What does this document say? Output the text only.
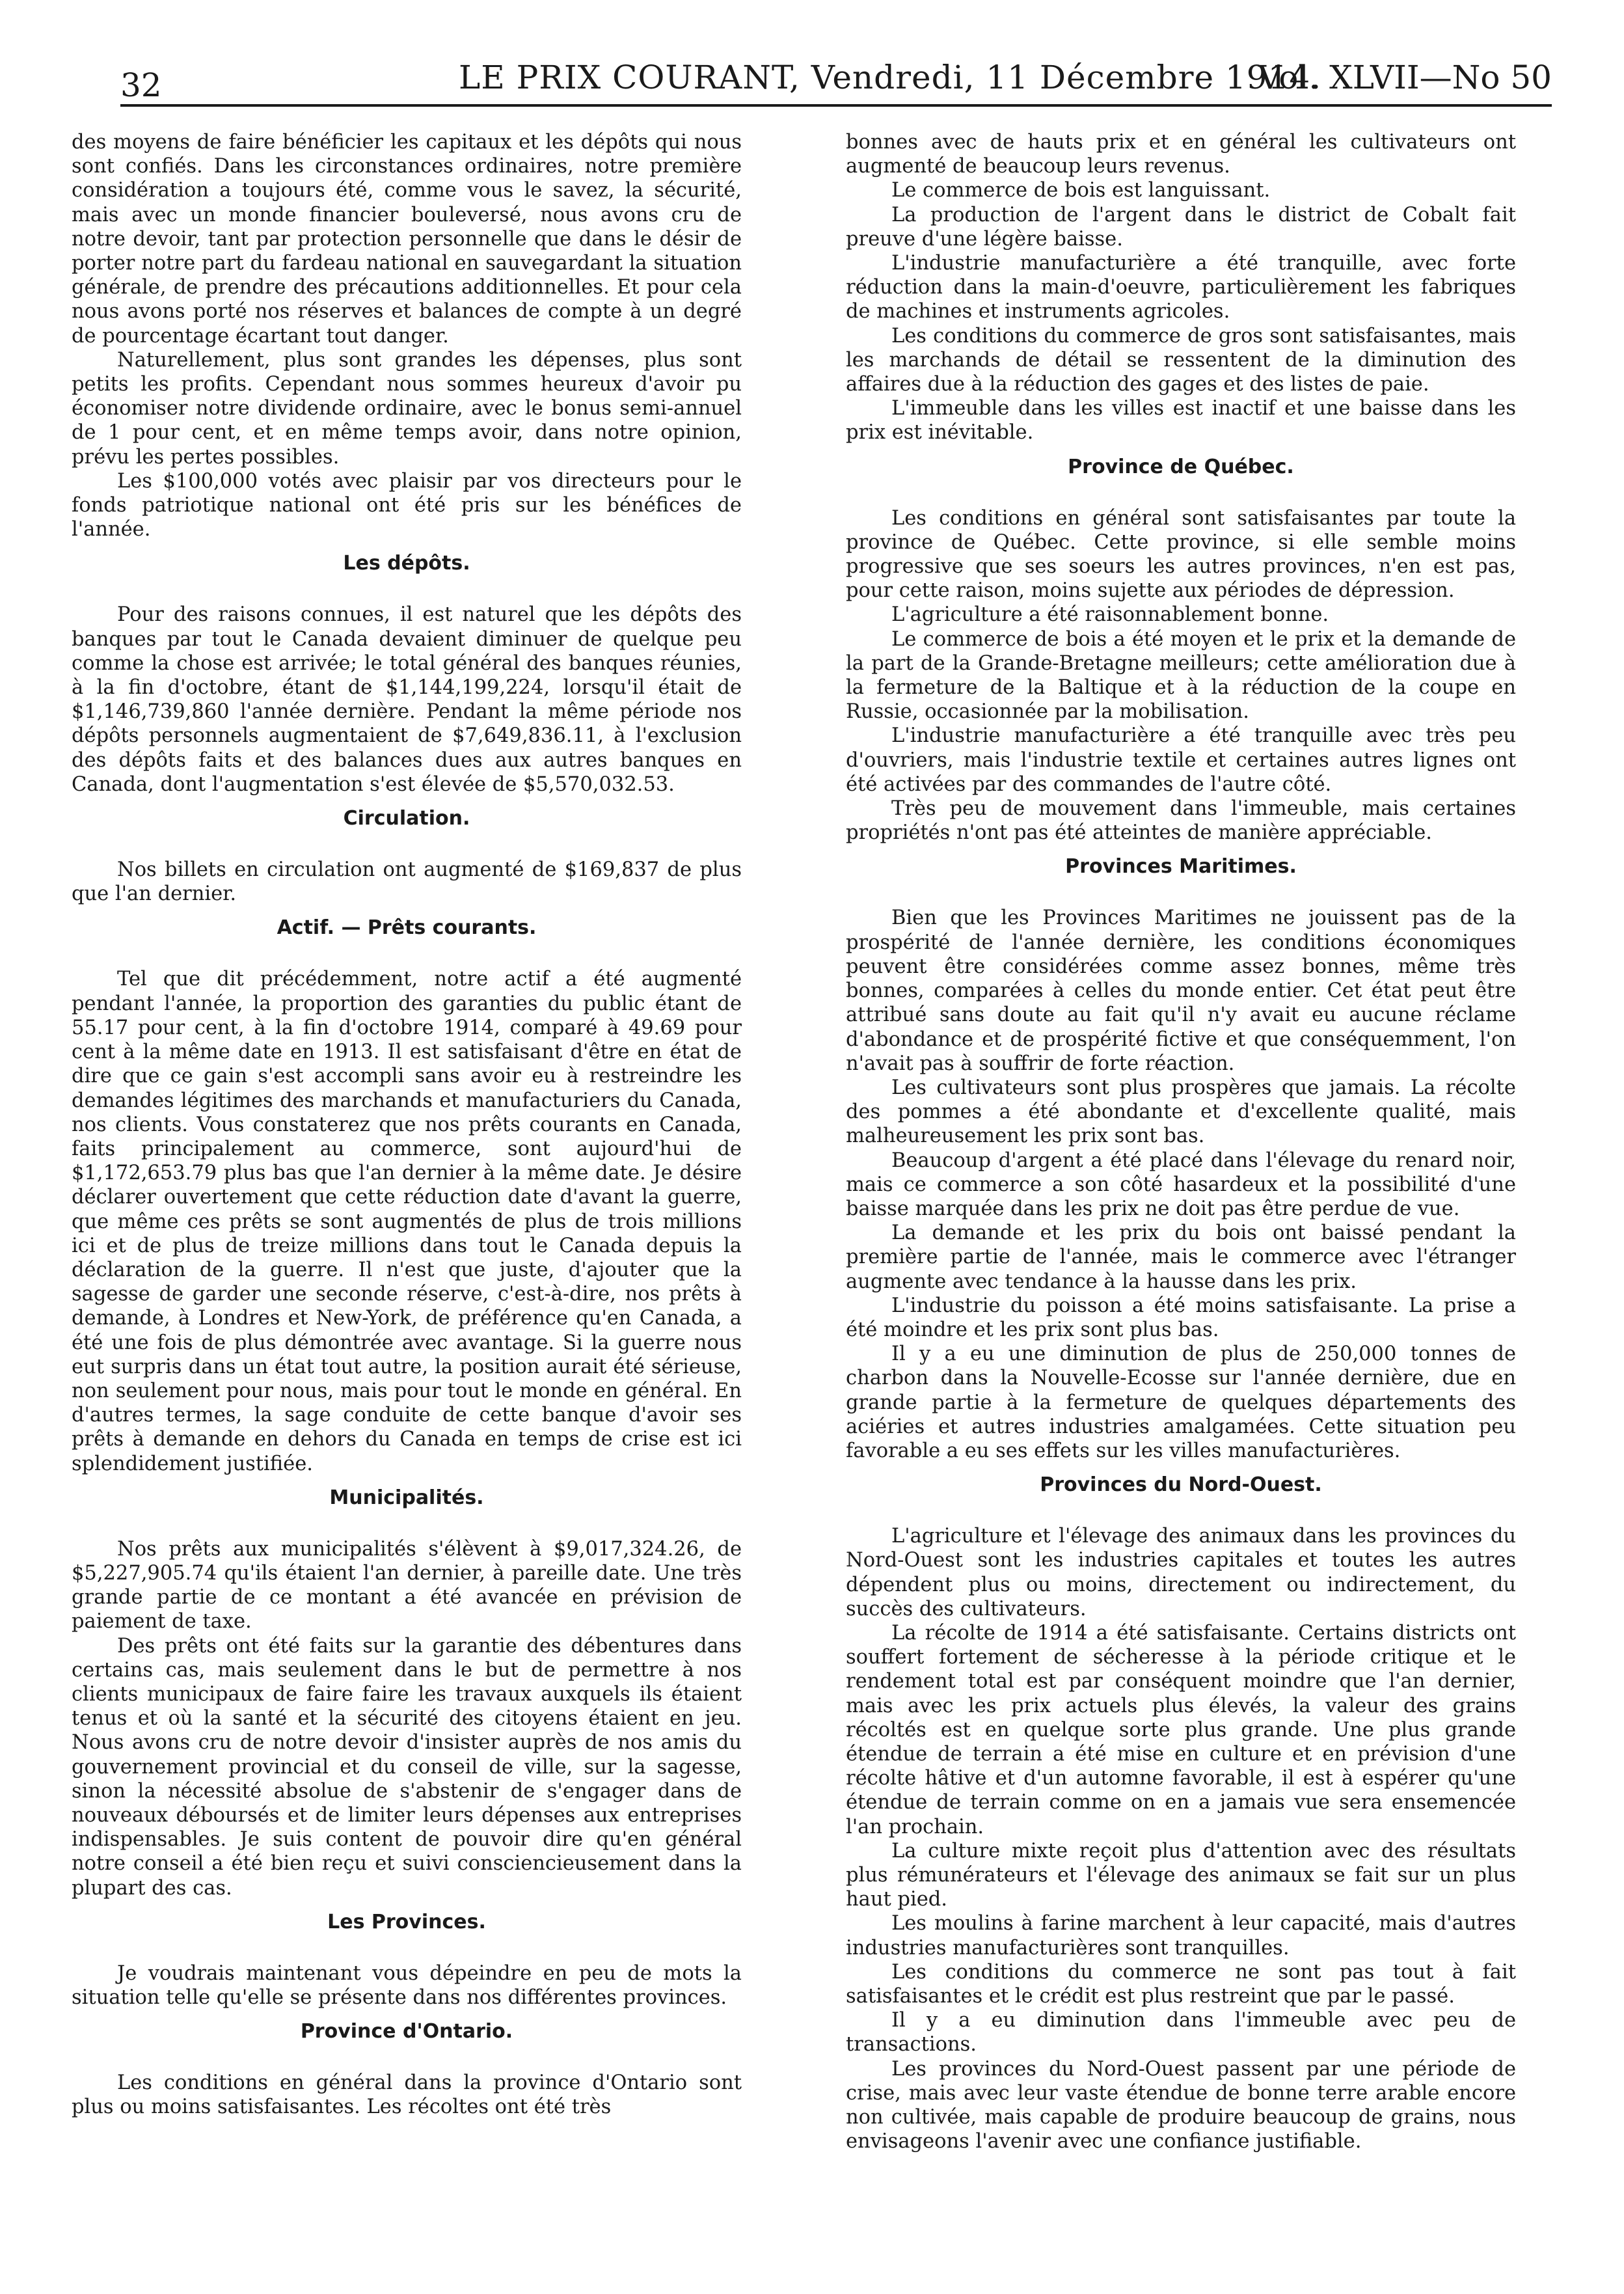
32	LE PRIX COURANT, Vendredi, 11 Décembre 1914.
Vol. XLVII—No 50

des moyens de faire bénéficier les capitaux et les dépôts qui nous sont confiés. Dans les circonstances ordinaires, notre première considération a toujours été, comme vous le savez, la sécurité, mais avec un monde financier bouleversé, nous avons cru de notre devoir, tant par protection personnelle que dans le désir de porter notre part du fardeau national en sauvegardant la situation générale, de prendre des précautions additionnelles. Et pour cela nous avons porté nos réserves et balances de compte à un degré de pourcentage écartant tout danger.

Naturellement, plus sont grandes les dépenses, plus sont petits les profits. Cependant nous sommes heureux d'avoir pu économiser notre dividende ordinaire, avec le bonus semi-annuel de 1 pour cent, et en même temps avoir, dans notre opinion, prévu les pertes possibles.

Les $100,000 votés avec plaisir par vos directeurs pour le fonds patriotique national ont été pris sur les bénéfices de l'année.

Les dépôts.

Pour des raisons connues, il est naturel que les dépôts des banques par tout le Canada devaient diminuer de quelque peu comme la chose est arrivée; le total général des banques réunies, à la fin d'octobre, étant de $1,144,199,224, lorsqu'il était de $1,146,739,860 l'année dernière. Pendant la même période nos dépôts personnels augmentaient de $7,649,836.11, à l'exclusion des dépôts faits et des balances dues aux autres banques en Canada, dont l'augmentation s'est élevée de $5,570,032.53.

Circulation.

Nos billets en circulation ont augmenté de $169,837 de plus que l'an dernier.

Actif. — Prêts courants.

Tel que dit précédemment, notre actif a été augmenté pendant l'année, la proportion des garanties du public étant de 55.17 pour cent, à la fin d'octobre 1914, comparé à 49.69 pour cent à la même date en 1913. Il est satisfaisant d'être en état de dire que ce gain s'est accompli sans avoir eu à restreindre les demandes légitimes des marchands et manufacturiers du Canada, nos clients. Vous constaterez que nos prêts courants en Canada, faits principalement au commerce, sont aujourd'hui de $1,172,653.79 plus bas que l'an dernier à la même date. Je désire déclarer ouvertement que cette réduction date d'avant la guerre, que même ces prêts se sont augmentés de plus de trois millions ici et de plus de treize millions dans tout le Canada depuis la déclaration de la guerre. Il n'est que juste, d'ajouter que la sagesse de garder une seconde réserve, c'est-à-dire, nos prêts à demande, à Londres et New-York, de préférence qu'en Canada, a été une fois de plus démontrée avec avantage. Si la guerre nous eut surpris dans un état tout autre, la position aurait été sérieuse, non seulement pour nous, mais pour tout le monde en général. En d'autres termes, la sage conduite de cette banque d'avoir ses prêts à demande en dehors du Canada en temps de crise est ici splendidement justifiée.

Municipalités.

Nos prêts aux municipalités s'élèvent à $9,017,324.26, de $5,227,905.74 qu'ils étaient l'an dernier, à pareille date. Une très grande partie de ce montant a été avancée en prévision de paiement de taxe.

Des prêts ont été faits sur la garantie des débentures dans certains cas, mais seulement dans le but de permettre à nos clients municipaux de faire faire les travaux auxquels ils étaient tenus et où la santé et la sécurité des citoyens étaient en jeu. Nous avons cru de notre devoir d'insister auprès de nos amis du gouvernement provincial et du conseil de ville, sur la sagesse, sinon la nécessité absolue de s'abstenir de s'engager dans de nouveaux déboursés et de limiter leurs dépenses aux entreprises indispensables. Je suis content de pouvoir dire qu'en général notre conseil a été bien reçu et suivi consciencieusement dans la plupart des cas.

Les Provinces.

Je voudrais maintenant vous dépeindre en peu de mots la situation telle qu'elle se présente dans nos différentes provinces.

Province d'Ontario.

Les conditions en général dans la province d'Ontario sont plus ou moins satisfaisantes. Les récoltes ont été très

bonnes avec de hauts prix et en général les cultivateurs ont augmenté de beaucoup leurs revenus.

Le commerce de bois est languissant.

La production de l'argent dans le district de Cobalt fait preuve d'une légère baisse.

L'industrie manufacturière a été tranquille, avec forte réduction dans la main-d'oeuvre, particulièrement les fabriques de machines et instruments agricoles.

Les conditions du commerce de gros sont satisfaisantes, mais les marchands de détail se ressentent de la diminution des affaires due à la réduction des gages et des listes de paie.

L'immeuble dans les villes est inactif et une baisse dans les prix est inévitable.

Province de Québec.

Les conditions en général sont satisfaisantes par toute la province de Québec. Cette province, si elle semble moins progressive que ses soeurs les autres provinces, n'en est pas, pour cette raison, moins sujette aux périodes de dépression.

L'agriculture a été raisonnablement bonne.

Le commerce de bois a été moyen et le prix et la demande de la part de la Grande-Bretagne meilleurs; cette amélioration due à la fermeture de la Baltique et à la réduction de la coupe en Russie, occasionnée par la mobilisation.

L'industrie manufacturière a été tranquille avec très peu d'ouvriers, mais l'industrie textile et certaines autres lignes ont été activées par des commandes de l'autre côté.

Très peu de mouvement dans l'immeuble, mais certaines propriétés n'ont pas été atteintes de manière appréciable.

Provinces Maritimes.

Bien que les Provinces Maritimes ne jouissent pas de la prospérité de l'année dernière, les conditions économiques peuvent être considérées comme assez bonnes, même très bonnes, comparées à celles du monde entier. Cet état peut être attribué sans doute au fait qu'il n'y avait eu aucune réclame d'abondance et de prospérité fictive et que conséquemment, l'on n'avait pas à souffrir de forte réaction.

Les cultivateurs sont plus prospères que jamais. La récolte des pommes a été abondante et d'excellente qualité, mais malheureusement les prix sont bas.

Beaucoup d'argent a été placé dans l'élevage du renard noir, mais ce commerce a son côté hasardeux et la possibilité d'une baisse marquée dans les prix ne doit pas être perdue de vue.

La demande et les prix du bois ont baissé pendant la première partie de l'année, mais le commerce avec l'étranger augmente avec tendance à la hausse dans les prix.

L'industrie du poisson a été moins satisfaisante. La prise a été moindre et les prix sont plus bas.

Il y a eu une diminution de plus de 250,000 tonnes de charbon dans la Nouvelle-Ecosse sur l'année dernière, due en grande partie à la fermeture de quelques départements des aciéries et autres industries amalgamées. Cette situation peu favorable a eu ses effets sur les villes manufacturières.

Provinces du Nord-Ouest.

L'agriculture et l'élevage des animaux dans les provinces du Nord-Ouest sont les industries capitales et toutes les autres dépendent plus ou moins, directement ou indirectement, du succès des cultivateurs.

La récolte de 1914 a été satisfaisante. Certains districts ont souffert fortement de sécheresse à la période critique et le rendement total est par conséquent moindre que l'an dernier, mais avec les prix actuels plus élevés, la valeur des grains récoltés est en quelque sorte plus grande. Une plus grande étendue de terrain a été mise en culture et en prévision d'une récolte hâtive et d'un automne favorable, il est à espérer qu'une étendue de terrain comme on en a jamais vue sera ensemencée l'an prochain.

La culture mixte reçoit plus d'attention avec des résultats plus rémunérateurs et l'élevage des animaux se fait sur un plus haut pied.

Les moulins à farine marchent à leur capacité, mais d'autres industries manufacturières sont tranquilles.

Les conditions du commerce ne sont pas tout à fait satisfaisantes et le crédit est plus restreint que par le passé.

Il y a eu diminution dans l'immeuble avec peu de transactions.

Les provinces du Nord-Ouest passent par une période de crise, mais avec leur vaste étendue de bonne terre arable encore non cultivée, mais capable de produire beaucoup de grains, nous envisageons l'avenir avec une confiance justifiable.
